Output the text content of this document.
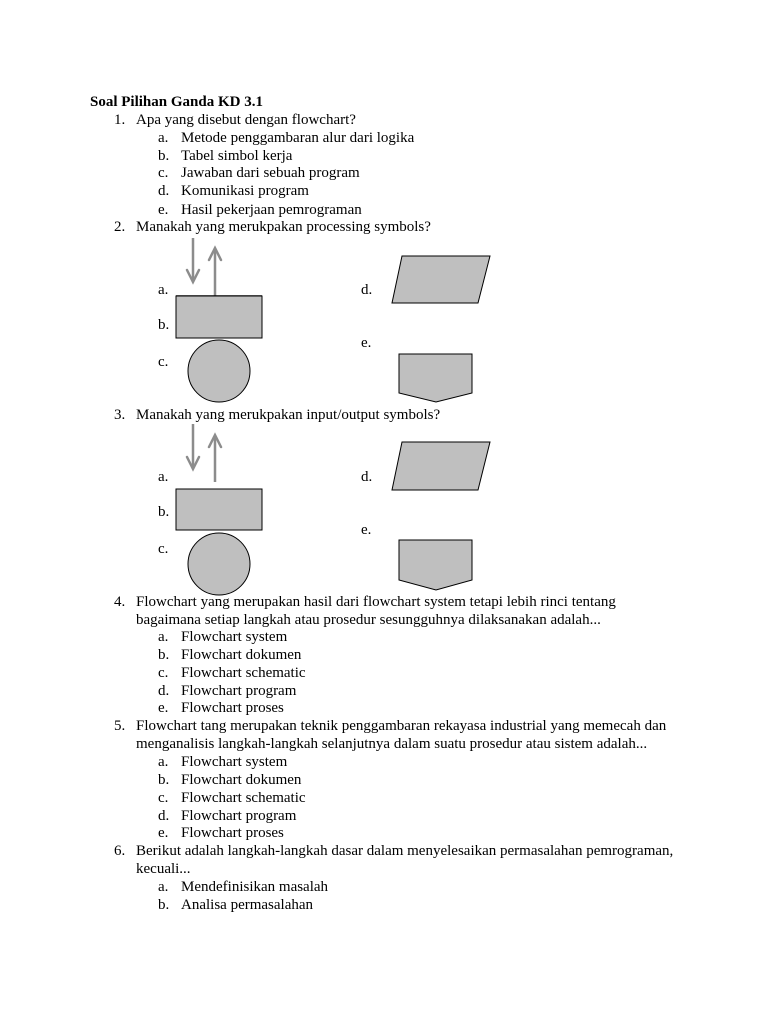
Soal Pilihan Ganda KD 3.1
1. Apa yang disebut dengan flowchart?
a. Metode penggambaran alur dari logika
b. Tabel simbol kerja
c. Jawaban dari sebuah program
d. Komunikasi program
e. Hasil pekerjaan pemrograman
2. Manakah yang merukpakan processing symbols?
a.
b.
c.
d.
e.
3. Manakah yang merukpakan input/output symbols?
a.
b.
c.
d.
e.
4. Flowchart yang merupakan hasil dari flowchart system tetapi lebih rinci tentang
bagaimana setiap langkah atau prosedur sesungguhnya dilaksanakan adalah...
a. Flowchart system
b. Flowchart dokumen
c. Flowchart schematic
d. Flowchart program
e. Flowchart proses
5. Flowchart tang merupakan teknik penggambaran rekayasa industrial yang memecah dan
menganalisis langkah-langkah selanjutnya dalam suatu prosedur atau sistem adalah...
a. Flowchart system
b. Flowchart dokumen
c. Flowchart schematic
d. Flowchart program
e. Flowchart proses
6. Berikut adalah langkah-langkah dasar dalam menyelesaikan permasalahan pemrograman,
kecuali...
a. Mendefinisikan masalah
b. Analisa permasalahan
